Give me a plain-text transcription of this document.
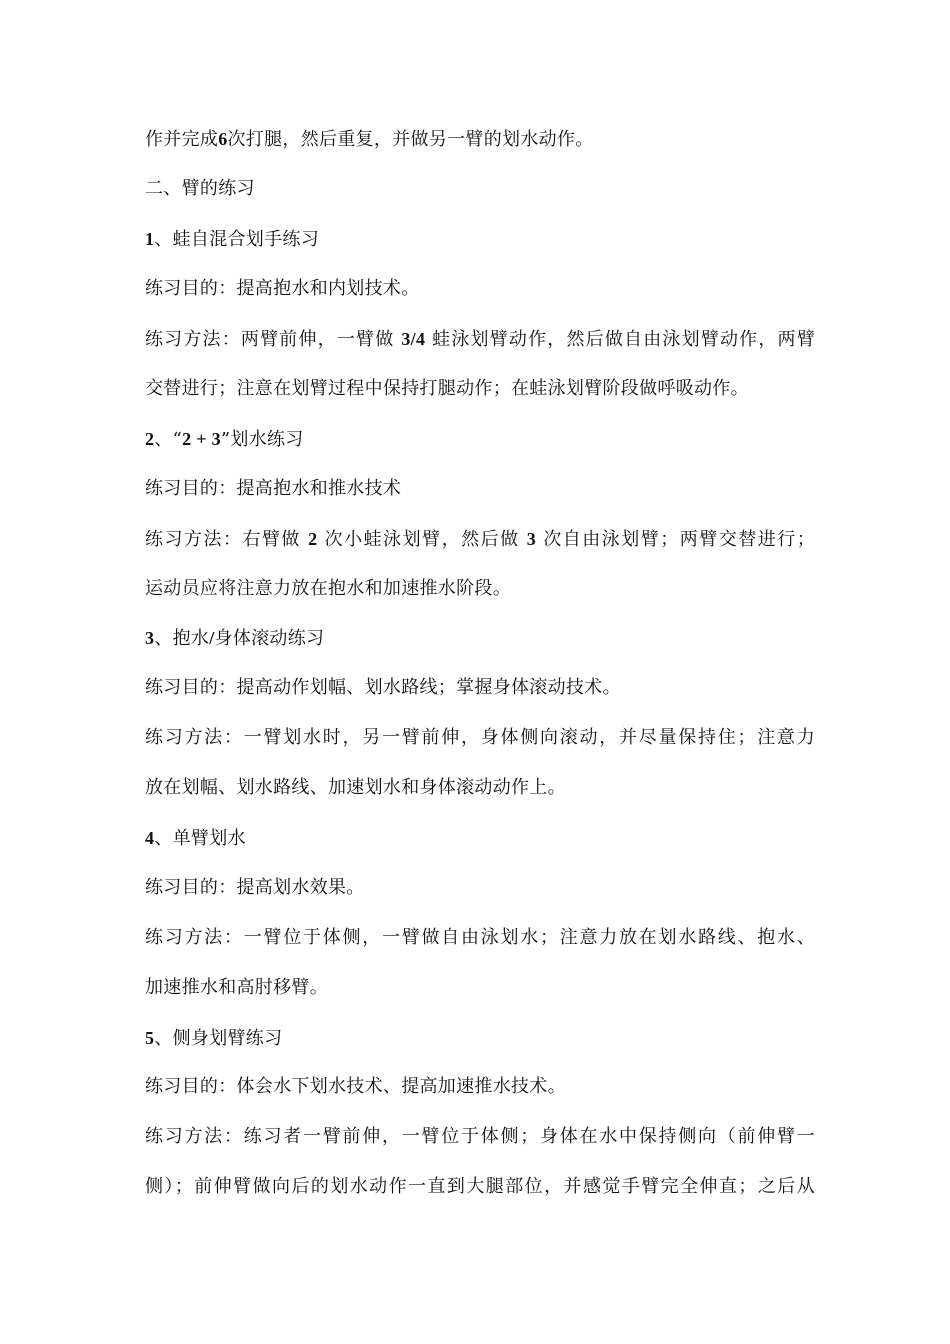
作并完成6次打腿，然后重复，并做另一臂的划水动作。
二、臂的练习
1、蛙自混合划手练习
练习目的：提高抱水和内划技术。
练习方法：两臂前伸，一臂做 3/4 蛙泳划臂动作，然后做自由泳划臂动作，两臂
交替进行；注意在划臂过程中保持打腿动作；在蛙泳划臂阶段做呼吸动作。
2、“2 + 3”划水练习
练习目的：提高抱水和推水技术
练习方法：右臂做 2 次小蛙泳划臂，然后做 3 次自由泳划臂；两臂交替进行；
运动员应将注意力放在抱水和加速推水阶段。
3、抱水/身体滚动练习
练习目的：提高动作划幅、划水路线；掌握身体滚动技术。
练习方法：一臂划水时，另一臂前伸，身体侧向滚动，并尽量保持住；注意力
放在划幅、划水路线、加速划水和身体滚动动作上。
4、单臂划水
练习目的：提高划水效果。
练习方法：一臂位于体侧，一臂做自由泳划水；注意力放在划水路线、抱水、
加速推水和高肘移臂。
5、侧身划臂练习
练习目的：体会水下划水技术、提高加速推水技术。
练习方法：练习者一臂前伸，一臂位于体侧；身体在水中保持侧向（前伸臂一
侧）；前伸臂做向后的划水动作一直到大腿部位，并感觉手臂完全伸直；之后从
